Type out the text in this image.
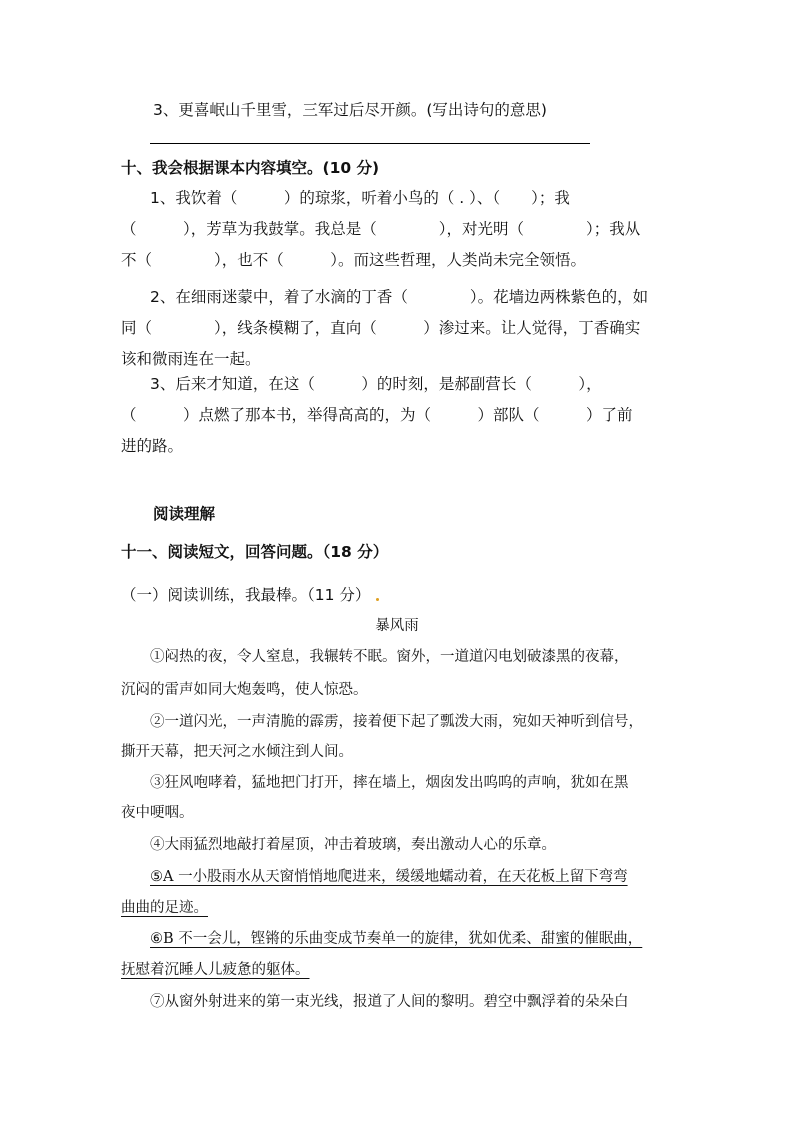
3、更喜岷山千里雪，三军过后尽开颜。(写出诗句的意思)
十、我会根据课本内容填空。(10 分)
1、我饮着（　　　）的琼浆，听着小鸟的（ . ）、（　　）；我
（　　　），芳草为我鼓掌。我总是（　　　　），对光明（　　　　）；我从
不（　　　　），也不（　　　）。而这些哲理，人类尚未完全领悟。
2、在细雨迷蒙中，着了水滴的丁香（　　　　）。花墙边两株紫色的，如
同（　　　　），线条模糊了，直向（　　　）渗过来。让人觉得，丁香确实
该和微雨连在一起。
3、后来才知道，在这（　　　）的时刻，是郝副营长（　　　），
（　　　）点燃了那本书，举得高高的，为（　　　）部队（　　　）了前
进的路。
阅读理解
十一、阅读短文，回答问题。（18 分）
（一）阅读训练，我最棒。（11 分）
暴风雨
①闷热的夜，令人窒息，我辗转不眠。窗外，一道道闪电划破漆黑的夜幕，
沉闷的雷声如同大炮轰鸣，使人惊恐。
②一道闪光，一声清脆的霹雳，接着便下起了瓢泼大雨，宛如天神听到信号，
撕开天幕，把天河之水倾注到人间。
③狂风咆哮着，猛地把门打开，摔在墙上，烟囱发出呜呜的声响，犹如在黑
夜中哽咽。
④大雨猛烈地敲打着屋顶，冲击着玻璃，奏出激动人心的乐章。
⑤A 一小股雨水从天窗悄悄地爬进来，缓缓地蠕动着，在天花板上留下弯弯
曲曲的足迹。
⑥B 不一会儿，铿锵的乐曲变成节奏单一的旋律，犹如优柔、甜蜜的催眠曲，
抚慰着沉睡人儿疲惫的躯体。
⑦从窗外射进来的第一束光线，报道了人间的黎明。碧空中飘浮着的朵朵白
